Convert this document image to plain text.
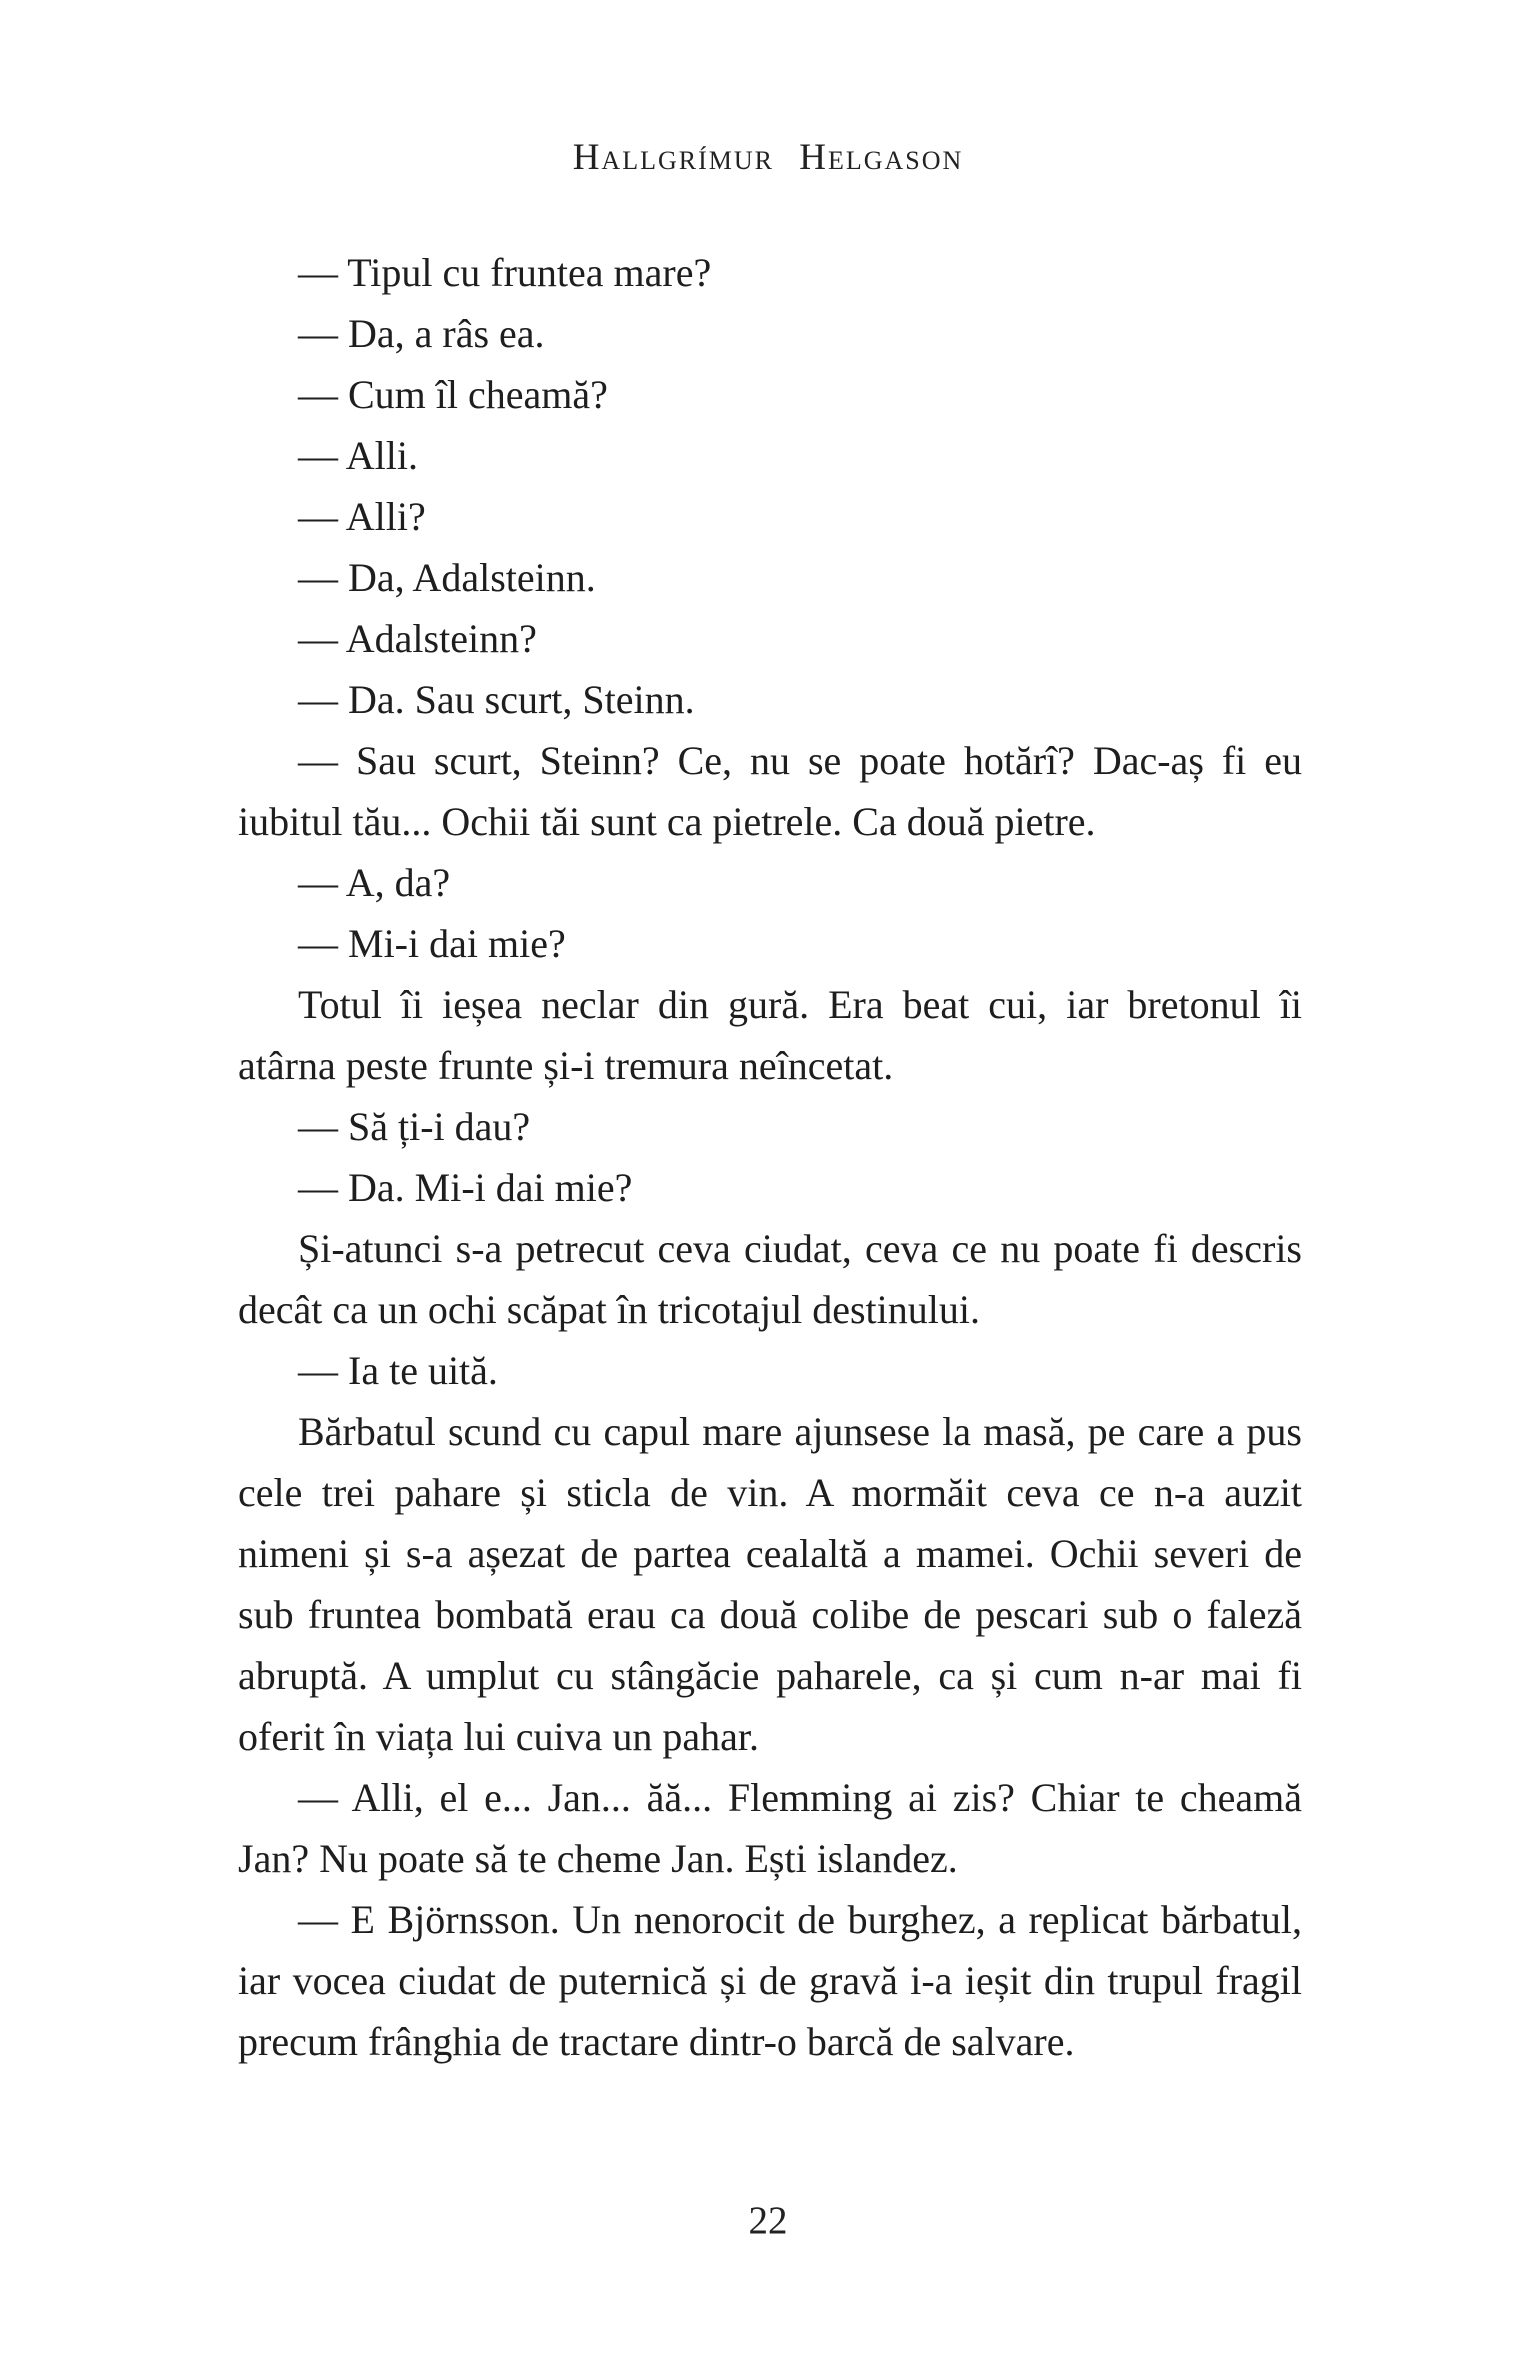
Hallgrímur Helgason

— Tipul cu fruntea mare?

— Da, a râs ea.

— Cum îl cheamă?

— Alli.

— Alli?

— Da, Adalsteinn.

— Adalsteinn?

— Da. Sau scurt, Steinn.

— Sau scurt, Steinn? Ce, nu se poate hotărî? Dac-aș fi eu iubitul tău... Ochii tăi sunt ca pietrele. Ca două pietre.

— A, da?

— Mi-i dai mie?

Totul îi ieșea neclar din gură. Era beat cui, iar bretonul îi atârna peste frunte și-i tremura neîncetat.

— Să ți-i dau?

— Da. Mi-i dai mie?

Și-atunci s-a petrecut ceva ciudat, ceva ce nu poate fi descris decât ca un ochi scăpat în tricotajul destinului.

— Ia te uită.

Bărbatul scund cu capul mare ajunsese la masă, pe care a pus cele trei pahare și sticla de vin. A mormăit ceva ce n-a auzit nimeni și s-a așezat de partea cealaltă a mamei. Ochii severi de sub fruntea bombată erau ca două colibe de pescari sub o faleză abruptă. A umplut cu stângăcie paharele, ca și cum n-ar mai fi oferit în viața lui cuiva un pahar.

— Alli, el e... Jan... ăă... Flemming ai zis? Chiar te cheamă Jan? Nu poate să te cheme Jan. Ești islandez.

— E Björnsson. Un nenorocit de burghez, a replicat bărbatul, iar vocea ciudat de puternică și de gravă i-a ieșit din trupul fragil precum frânghia de tractare dintr-o barcă de salvare.

22
